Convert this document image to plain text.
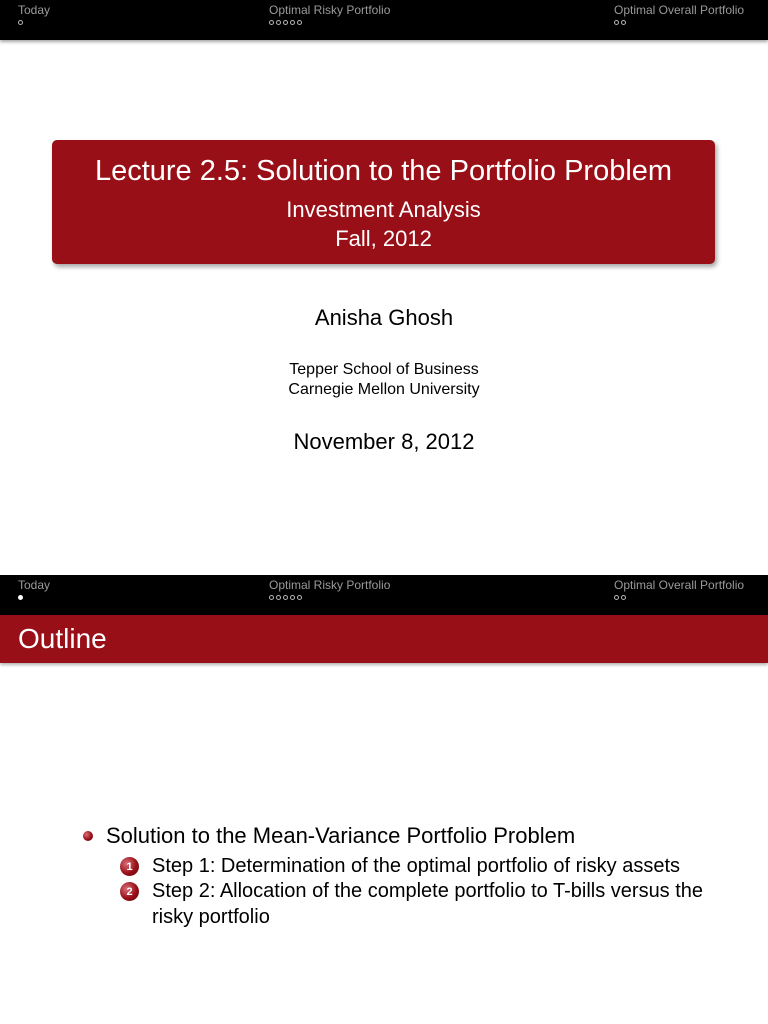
Today	Optimal Risky Portfolio	Optimal Overall Portfolio
Lecture 2.5: Solution to the Portfolio Problem
Investment Analysis
Fall, 2012
Anisha Ghosh
Tepper School of Business
Carnegie Mellon University
November 8, 2012
Today	Optimal Risky Portfolio	Optimal Overall Portfolio
Outline
Solution to the Mean-Variance Portfolio Problem
1 Step 1: Determination of the optimal portfolio of risky assets
2 Step 2: Allocation of the complete portfolio to T-bills versus the risky portfolio
